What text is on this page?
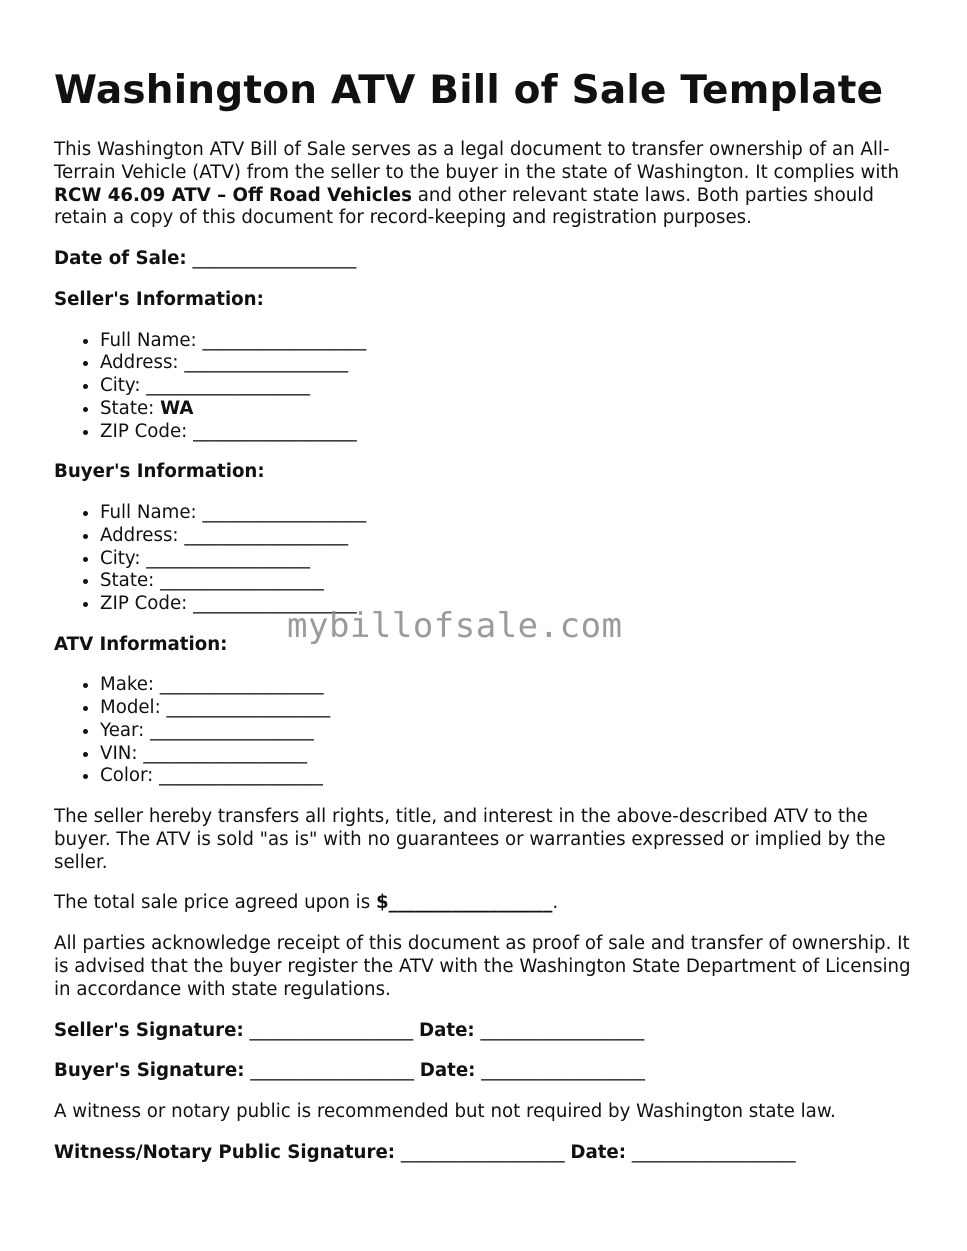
Washington ATV Bill of Sale Template

This Washington ATV Bill of Sale serves as a legal document to transfer ownership of an All-Terrain Vehicle (ATV) from the seller to the buyer in the state of Washington. It complies with RCW 46.09 ATV – Off Road Vehicles and other relevant state laws. Both parties should retain a copy of this document for record-keeping and registration purposes.

Date of Sale: __________________

Seller's Information:

• Full Name: __________________
• Address: __________________
• City: __________________
• State: WA
• ZIP Code: __________________

Buyer's Information:

• Full Name: __________________
• Address: __________________
• City: __________________
• State: __________________
• ZIP Code: __________________

ATV Information:

• Make: __________________
• Model: __________________
• Year: __________________
• VIN: __________________
• Color: __________________

The seller hereby transfers all rights, title, and interest in the above-described ATV to the buyer. The ATV is sold "as is" with no guarantees or warranties expressed or implied by the seller.

The total sale price agreed upon is $__________________.

All parties acknowledge receipt of this document as proof of sale and transfer of ownership. It is advised that the buyer register the ATV with the Washington State Department of Licensing in accordance with state regulations.

Seller's Signature: __________________ Date: __________________

Buyer's Signature: __________________ Date: __________________

A witness or notary public is recommended but not required by Washington state law.

Witness/Notary Public Signature: __________________ Date: __________________

mybillofsale.com
